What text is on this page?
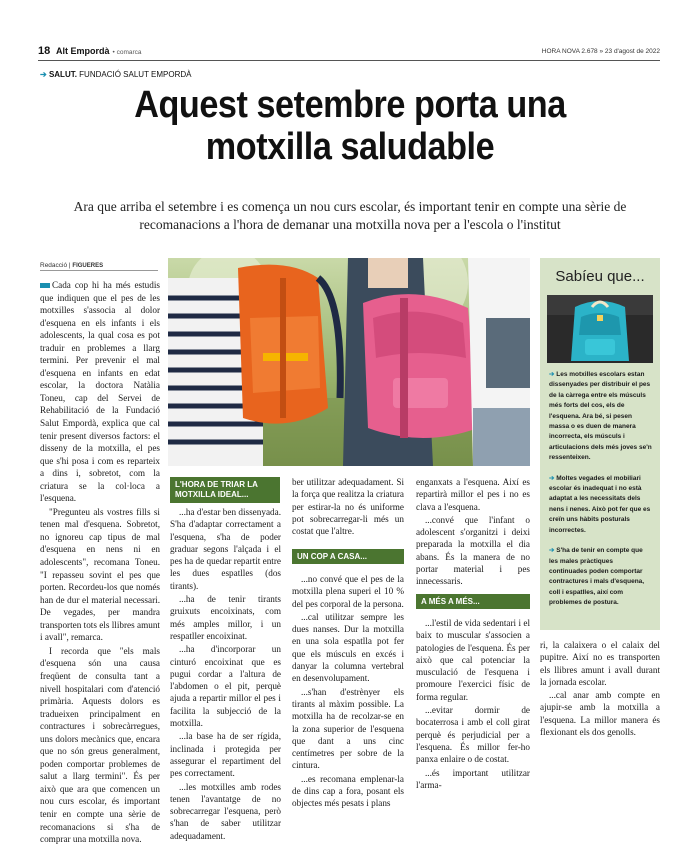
18 Alt Empordà • comarca	HORA NOVA 2.678 » 23 d'agost de 2022
➔ SALUT. FUNDACIÓ SALUT EMPORDÀ
Aquest setembre porta una motxilla saludable

Ara que arriba el setembre i es comença un nou curs escolar, és important tenir en compte una sèrie de recomanacions a l'hora de demanar una motxilla nova per a l'escola o l'institut

Redacció | FIGUERES

Cada cop hi ha més estudis que indiquen que el pes de les motxilles s'associa al dolor d'esquena en els infants i els adolescents, la qual cosa es pot traduir en problemes a llarg termini. Per prevenir el mal d'esquena en infants en edat escolar, la doctora Natàlia Toneu, cap del Servei de Rehabilitació de la Fundació Salut Empordà, explica que cal tenir present diversos factors: el disseny de la motxilla, el pes que s'hi posa i com es reparteix a dins i, sobretot, com la criatura se la col·loca a l'esquena.

"Pregunteu als vostres fills si tenen mal d'esquena. Sobretot, no ignoreu cap tipus de mal d'esquena en nens ni en adolescents", recomana Toneu. "I repasseu sovint el pes que porten. Recordeu-los que només han de dur el material necessari. De vegades, per mandra transporten tots els llibres amunt i avall", remarca.

I recorda que "els mals d'esquena són una causa freqüent de consulta tant a nivell hospitalari com d'atenció primària. Aquests dolors es tradueixen principalment en contractures i sobrecàrregues, uns dolors mecànics que, encara que no són greus generalment, poden comportar problemes de salut a llarg termini". És per això que ara que comencen un nou curs escolar, és important tenir en compte una sèrie de recomanacions si s'ha de comprar una motxilla nova.

L'HORA DE TRIAR LA MOTXILLA IDEAL...

...ha d'estar ben dissenyada. S'ha d'adaptar correctament a l'esquena, s'ha de poder graduar segons l'alçada i el pes ha de quedar repartit entre les dues espatlles (dos tirants).

...ha de tenir tirants gruixuts encoixinats, com més amples millor, i un respatller encoixinat.

...ha d'incorporar un cinturó encoixinat que es pugui cordar a l'altura de l'abdomen o el pit, perquè ajuda a repartir millor el pes i facilita la subjecció de la motxilla.

...la base ha de ser rígida, inclinada i protegida per assegurar el repartiment del pes correctament.

...les motxilles amb rodes tenen l'avantatge de no sobrecarregar l'esquena, però s'han de saber utilitzar adequadament.

ber utilitzar adequadament. Si la força que realitza la criatura per estirar-la no és uniforme pot sobrecarregar-li més un costat que l'altre.

UN COP A CASA...

...no convé que el pes de la motxilla plena superi el 10 % del pes corporal de la persona.

...cal utilitzar sempre les dues nanses. Dur la motxilla en una sola espatlla pot fer que els músculs en excés i danyar la columna vertebral en desenvolupament.

...s'han d'estrènyer els tirants al màxim possible. La motxilla ha de recolzar-se en la zona superior de l'esquena que dant a uns cinc centímetres per sobre de la cintura.

...es recomana emplenar-la de dins cap a fora, posant els objectes més pesats i plans

enganxats a l'esquena. Així es repartirà millor el pes i no es clava a l'esquena.

...convé que l'infant o adolescent s'organitzi i deixi preparada la motxilla el dia abans. És la manera de no portar material i pes innecessaris.

A MÉS A MÉS...

...l'estil de vida sedentari i el baix to muscular s'associen a patologies de l'esquena. És per això que cal potenciar la musculació de l'esquena i promoure l'exercici físic de forma regular.

...evitar dormir de bocaterrosa i amb el coll girat perquè és perjudicial per a l'esquena. És millor fer-ho panxa enlaire o de costat.

...és important utilitzar l'arma-

Sabíeu que...

➔ Les motxilles escolars estan dissenyades per distribuir el pes de la càrrega entre els músculs més forts del cos, els de l'esquena. Ara bé, si pesen massa o es duen de manera incorrecta, els músculs i articulacions dels més joves se'n ressenteixen.

➔ Moltes vegades el mobiliari escolar és inadequat i no està adaptat a les necessitats dels nens i nenes. Això pot fer que es creïn uns hàbits posturals incorrectes.

➔ S'ha de tenir en compte que les males pràctiques continuades poden comportar contractures i mals d'esquena, coll i espatlles, així com problemes de postura.

ri, la calaixera o el calaix del pupitre. Així no es transporten els llibres amunt i avall durant la jornada escolar.

...cal anar amb compte en ajupir-se amb la motxilla a l'esquena. La millor manera és flexionant els dos genolls.
